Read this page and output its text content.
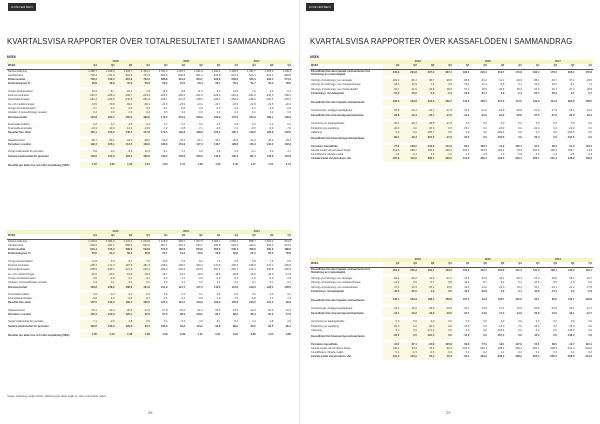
KONCERNEN
KVARTALSVISA RAPPORTER ÖVER TOTALRESULTATET I SAMMANDRAG
MSEK
	2019				2018				2017			
MSEK	Q4	Q3	Q2	Q1	Q4	Q3	Q2	Q1	Q4	Q3	Q2	Q1
Nettoomsättning	1 480,7	1 446,9	1 334,7	1 441,2	1 331,4	1 225,4	1 291,9	1 250,4	1 306,5	1 064,7	1 255,3	1 135,2
Handelsvaror	-728,4	-724,9	-666,9	-721,0	-662,6	-600,8	-641,2	-624,5	-647,9	-514,4	-622,2	-560,8
Bruttoresultat	752,3	722,0	667,8	720,2	668,8	624,6	650,7	625,9	658,6	550,3	633,1	574,4
Bruttomarginal, %	50,8	49,9	50,0	50,0	50,2	51,0	50,4	50,1	50,4	51,7	50,4	50,6

Övriga rörelseintäkter	12,3	8,7	10,1	7,9	15,2	9,8	11,4	8,3	13,9	7,6	9,2	8,1
Externa kostnader	-231,6	-208,4	-199,7	-214,5	-226,1	-195,2	-201,8	-209,3	-220,4	-181,6	-196,5	-190,2
Personalkostnader	-261,4	-224,9	-246,8	-251,3	-248,7	-211,5	-238,6	-240,1	-252,9	-198,3	-232,4	-229,7
Av- och nedskrivningar	-72,5	-70,8	-69,4	-68,1	-24,6	-23,9	-23,1	-22,7	-22,9	-21,8	-21,5	-20,9
Övriga rörelsekostnader	-4,7	-3,2	-2,9	-3,6	-5,1	-2,8	-3,3	-2,5	-4,2	-2,1	-3,0	-2,6
Andelar i intresseföretags resultat	0,4	0,3	0,2	0,3	0,5	0,2	0,3	0,2	0,4	0,1	0,2	0,2
Rörelseresultat	194,8	223,7	159,3	190,9	179,0	201,2	195,6	159,8	172,5	154,2	189,1	139,3

Finansiella intäkter	0,6	0,4	0,5	0,3	0,7	0,4	0,3	0,5	0,6	0,3	0,4	0,2
Finansiella kostnader	-14,3	-13,9	-14,1	-13,6	-7,2	-6,8	-7,1	-6,9	-7,4	-6,5	-6,9	-7,0
Resultat före skatt	181,1	210,2	145,7	177,6	172,5	194,8	188,8	153,4	165,7	148,0	182,6	132,5

Skattekostnad	-38,7	-45,1	-31,2	-38,0	-36,2	-42,9	-41,5	-33,7	-36,9	-32,6	-40,2	-29,2
Periodens resultat	142,4	165,1	114,5	139,6	136,3	151,9	147,3	119,7	128,8	115,4	142,4	103,3

Övrigt totalresultat för perioden	5,6	-3,2	8,9	12,4	-6,1	4,7	9,3	-2,8	3,5	-4,1	6,2	-1,7
Summa totalresultat för perioden	148,0	161,9	123,4	152,0	130,2	156,6	156,6	116,9	132,3	111,3	148,6	101,6

Resultat per aktie före och efter utspädning (SEK)	1,57	1,82	1,26	1,54	1,50	1,67	1,62	1,32	1,42	1,27	1,57	1,14
	2016				2015				2014			
MSEK	Q4	Q3	Q2	Q1	Q4	Q3	Q2	Q1	Q4	Q3	Q2	Q1
Nettoomsättning	1 218,6	1 006,3	1 170,4	1 074,8	1 128,9	948,2	1 097,5	1 003,1	1 060,4	898,7	1 030,2	961,5
Handelsvaror	-603,2	-491,1	-580,5	-531,0	-557,1	-464,3	-543,7	-495,8	-524,3	-440,1	-509,6	-474,9
Bruttoresultat	615,4	515,2	589,9	543,8	571,8	483,9	553,8	507,3	536,1	458,6	520,6	486,6
Bruttomarginal, %	50,5	51,2	50,4	50,6	50,7	51,0	50,5	50,6	50,6	51,0	50,5	50,6

Övriga rörelseintäkter	11,8	6,9	8,7	7,5	10,6	6,2	8,1	7,0	9,9	5,8	7,6	6,5
Externa kostnader	-208,7	-172,4	-187,9	-181,3	-198,2	-165,0	-180,4	-172,8	-190,6	-158,3	-174,1	-166,9
Personalkostnader	-238,5	-189,7	-221,6	-216,4	-229,3	-182,6	-213,0	-207,9	-220,7	-176,4	-205,8	-200,2
Av- och nedskrivningar	-20,6	-20,1	-19,8	-19,4	-19,7	-19,2	-18,9	-18,5	-18,8	-18,3	-18,0	-17,6
Övriga rörelsekostnader	-3,9	-1,8	-2,7	-2,4	-3,6	-1,7	-2,5	-2,2	-3,3	-1,6	-2,3	-2,0
Andelar i intresseföretags resultat	0,3	0,1	0,2	0,1	0,3	0,1	0,2	0,1	0,2	0,1	0,1	0,1
Rörelseresultat	163,8	138,2	166,8	131,9	131,9	121,7	147,3	113,0	112,8	109,9	128,1	106,5

Finansiella intäkter	0,5	0,3	0,4	0,3	0,6	0,2	0,4	0,3	0,5	0,2	0,3	0,2
Finansiella kostnader	-6,8	-6,2	-6,5	-6,7	-7,1	-6,4	-6,8	-7,0	-7,5	-6,9	-7,2	-7,4
Resultat före skatt	157,5	132,3	160,7	125,5	125,4	115,5	140,9	106,3	105,8	103,2	121,2	99,3

Skattekostnad	-35,1	-29,4	-35,6	-27,9	-27,8	-25,6	-31,3	-23,6	-23,5	-22,9	-26,9	-22,1
Periodens resultat	122,4	102,9	125,1	97,6	97,6	89,9	109,6	82,7	82,3	80,3	94,3	77,2

Övrigt totalresultat för perioden	7,1	-2,6	4,8	-3,9	2,4	-5,3	3,6	8,1	6,7	4,2	-1,8	2,9
Summa totalresultat för perioden	129,5	100,3	129,9	93,7	100,0	84,6	113,2	90,8	89,0	84,5	92,5	80,1

Resultat per aktie före och efter utspädning (SEK)	1,35	1,13	1,38	1,08	1,08	0,99	1,21	0,91	0,91	0,89	1,04	0,85
*Ingen utdelning sedan 2019, utdelning per aktie ingår ej i den redovisade raden.
28
KONCERNEN
KVARTALSVISA RAPPORTER ÖVER KASSAFLÖDEN I SAMMANDRAG
MSEK
	2019				2018				2017			
MSEK	Q4	Q3	Q2	Q1	Q4	Q3	Q2	Q1	Q4	Q3	Q2	Q1
Kassaflöde från den löpande verksamheten före förändring av rörelsekapital	240,9	264,8	207,3	237,1	196,2	218,4	213,7	174,9	192,4	170,5	206,1	157,8

Ökning(-)/minskning(+) av varulager	-102,3	-61,4	45,7	-38,6	-95,8	-54,2	41,3	-33,9	-88,1	-49,7	37,2	-29,5
Ökning(-)/minskning(+) av rörelsefordringar	-18,4	12,9	-7,6	9,3	-15,2	11,4	-6,8	8,1	-13,6	10,2	-6,1	7,4
Ökning(+)/minskning(-) av rörelseskulder	63,7	-21,5	-34,8	28,9	57,1	-18,9	-30,6	25,4	51,3	-16,7	-27,4	22,8
Förändring i rörelsekapital	-57,0	-70,0	3,3	-0,4	-53,9	-61,7	3,9	-0,4	-50,4	-56,2	3,7	0,7

Kassaflöde från den löpande verksamheten	183,9	194,8	210,6	236,7	142,3	156,7	217,6	174,5	142,0	114,3	209,8	158,5

Investeringar i anläggningstillgångar	-26,8	-19,4	-22,7	-17,3	-31,2	-21,6	-24,9	-18,8	-27,5	-17,9	-20,3	-16,4
Kassaflöde från investeringsverksamheten	-26,8	-19,4	-22,7	-17,3	-31,2	-21,6	-24,9	-18,8	-27,5	-17,9	-20,3	-16,4

Amortering av leasingskulder	-50,1	-49,4	-48,8	-47,9	0,0	0,0	0,0	0,0	0,0	0,0	0,0	0,0
Förändring av upplåning	-30,0	0,0	-30,0	0,0	-25,0	0,0	-25,0	0,0	-20,0	0,0	-20,0	0,0
Utdelning	0,0	0,0	-228,7	0,0	0,0	0,0	-209,6	0,0	0,0	0,0	-190,5	0,0
Kassaflöde från finansieringsverksamheten	-80,1	-49,4	-307,5	-47,9	-25,0	0,0	-234,6	0,0	-20,0	0,0	-210,5	0,0

Periodens kassaflöde	77,0	126,0	-119,6	171,5	86,1	135,1	-41,9	155,7	94,5	96,4	-21,0	142,1
Likvida medel vid periodens början	412,6	289,7	406,3	236,4	326,1	193,5	234,1	78,9	231,4	136,2	156,7	14,8
Kursdifferens i likvida medel	-1,8	-3,1	3,0	-1,6	0,4	-2,5	1,3	-0,5	0,2	-1,2	0,5	-0,3
Likvida medel vid periodens slut	487,8	412,6	289,7	406,3	412,6	326,1	193,5	234,1	326,1	231,4	136,2	156,6
	2016				2015				2014			
MSEK	Q4	Q3	Q2	Q1	Q4	Q3	Q2	Q1	Q4	Q3	Q2	Q1
Kassaflöde från den löpande verksamheten före förändring av rörelsekapital	181,6	155,3	184,7	150,2	150,9	140,1	162,8	131,4	131,0	126,7	146,3	123,1

Ökning(-)/minskning(+) av varulager	-81,4	-46,2	34,8	-27,1	-75,6	-42,8	32,1	-25,3	-70,2	-39,6	29,4	-23,7
Ökning(-)/minskning(+) av rörelsefordringar	-12,3	9,6	-5,7	6,8	-11,4	8,7	-5,2	6,1	-10,5	8,0	-4,8	5,6
Ökning(+)/minskning(-) av rörelseskulder	47,2	-15,4	-25,1	20,9	43,6	-14,2	-23,0	19,3	40,1	-13,1	-21,2	17,8
Förändring i rörelsekapital	-46,5	-52,0	4,0	0,6	-43,4	-48,3	3,9	0,1	-40,6	-44,7	3,4	-0,3

Kassaflöde från den löpande verksamheten	135,1	103,3	188,7	150,8	107,5	91,8	166,7	131,5	90,4	82,0	149,7	122,8

Investeringar i anläggningstillgångar	-24,1	-16,2	-18,9	-15,0	-22,7	-14,8	-17,4	-13,9	-20,8	-13,5	-16,1	-12,7
Kassaflöde från investeringsverksamheten	-24,1	-16,2	-18,9	-15,0	-22,7	-14,8	-17,4	-13,9	-20,8	-13,5	-16,1	-12,7

Amortering av leasingskulder	0,0	0,0	0,0	0,0	0,0	0,0	0,0	0,0	0,0	0,0	0,0	0,0
Förändring av upplåning	-20,0	0,0	-20,0	0,0	-15,0	0,0	-15,0	0,0	-15,0	0,0	-15,0	0,0
Utdelning	0,0	0,0	-171,4	0,0	0,0	0,0	-152,4	0,0	0,0	0,0	-133,3	0,0
Kassaflöde från finansieringsverksamheten	-20,0	0,0	-191,4	0,0	-15,0	0,0	-167,4	0,0	-15,0	0,0	-148,3	0,0

Periodens kassaflöde	91,0	87,1	-21,6	135,8	69,8	77,0	-18,1	117,6	54,6	68,5	-14,7	110,1
Likvida medel vid periodens början	140,2	53,4	75,3	-60,2	-129,3	-206,1	-188,2	-305,4	-360,1	-428,9	-414,3	-524,6
Kursdifferens i likvida medel	0,1	-0,3	-0,3	-0,3	0,1	-0,2	0,1	-0,4	0,2	0,3	0,1	0,2
Likvida medel vid periodens slut	231,3	140,2	53,4	75,3	-59,4	-129,3	-206,0	-188,2	-305,3	-360,1	-428,9	-414,3
29
